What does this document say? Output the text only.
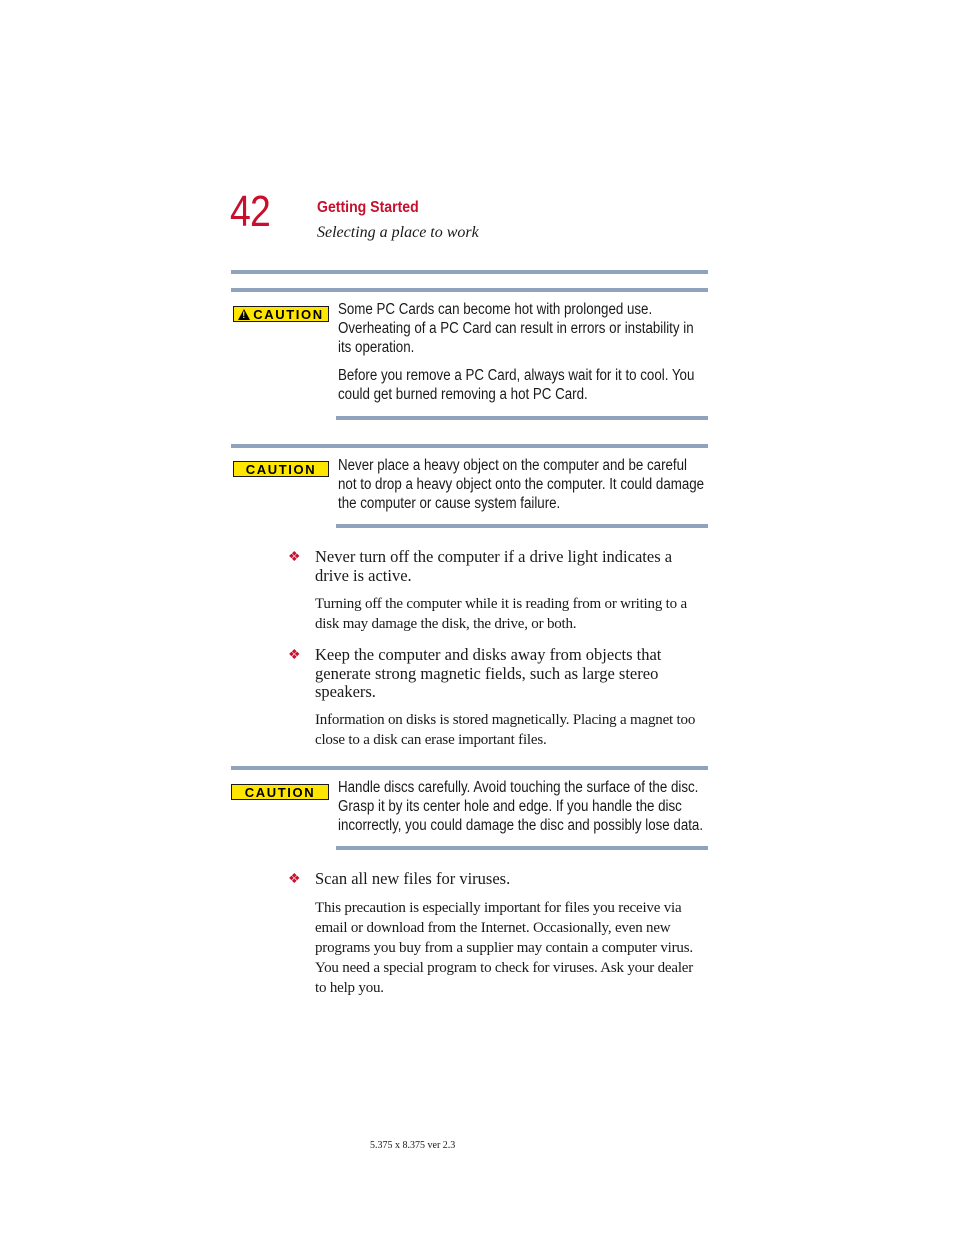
42	Getting Started
Selecting a place to work
!
CAUTION Some PC Cards can become hot with prolonged use. Overheating of a PC Card can result in errors or instability in its operation.
Before you remove a PC Card, always wait for it to cool. You could get burned removing a hot PC Card.
CAUTION Never place a heavy object on the computer and be careful not to drop a heavy object onto the computer. It could damage the computer or cause system failure.
❖ Never turn off the computer if a drive light indicates a drive is active.
Turning off the computer while it is reading from or writing to a disk may damage the disk, the drive, or both.
❖ Keep the computer and disks away from objects that generate strong magnetic fields, such as large stereo speakers.
Information on disks is stored magnetically. Placing a magnet too close to a disk can erase important files.
CAUTION Handle discs carefully. Avoid touching the surface of the disc. Grasp it by its center hole and edge. If you handle the disc incorrectly, you could damage the disc and possibly lose data.
❖ Scan all new files for viruses.
This precaution is especially important for files you receive via email or download from the Internet. Occasionally, even new programs you buy from a supplier may contain a computer virus. You need a special program to check for viruses. Ask your dealer to help you.
5.375 x 8.375 ver 2.3
